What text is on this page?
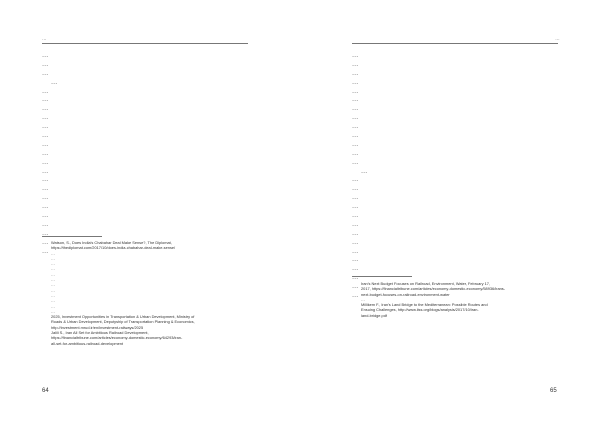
…
…
…
…
…
…
…
…
…
…
…
…
…
…
…
…
…
…
…
…
…
…
…
…
Watson, S., Does India's Chabahar Deal Make Sense?, The Diplomat,
https://thediplomat.com/2017/10/does-india-chabahar-deal-make-sense/
…
…
…
…
…
…
…
…
…
…
…
…
2025, Investment Opportunities in Transportation & Urban Development, Ministry of
Roads & Urban Development, Deputyship of Transportation Planning & Economics,
http://investment.mrud.ir/en/investment-railways/2025
Jalili S., Iran All Set for Ambitious Railroad Development,
https://financialtribune.com/articles/economy-domestic-economy/64293/iran-
all-set-for-ambitious-railroad-development
64
…
…
…
…
…
…
…
…
…
…
…
…
…
…
…
…
…
…
…
…
…
…
…
…
…
…
…
…
…
Iran's Next Budget Focuses on Railroad, Environment, Water, February 17,
2017, https://financialtribune.com/articles/economy-domestic-economy/58936/irans-
next-budget-focuses-on-railroad-environment-water
…
Millikem F., Iran's Land Bridge to the Mediterranean: Possible Routes and
Ensuing Challenges, http://www.iiss.org/blogs/analysis/2017/10/iran-
land-bridge.pdf
65
